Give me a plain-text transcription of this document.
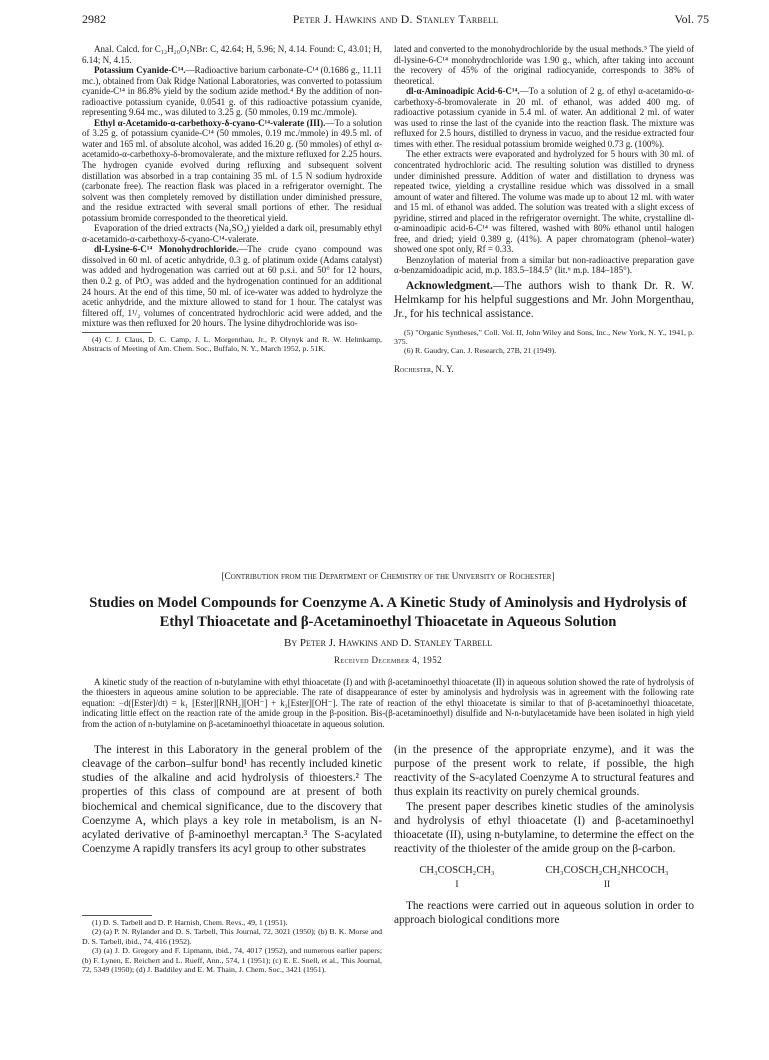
2982	Peter J. Hawkins and D. Stanley Tarbell	Vol. 75

Anal. Calcd. for C₁₂H₂₀O₅NBr: C, 42.64; H, 5.96; N, 4.14. Found: C, 43.01; H, 6.14; N, 4.15.

Potassium Cyanide-C¹⁴.—Radioactive barium carbonate-C¹⁴ (0.1686 g., 11.11 mc.), obtained from Oak Ridge National Laboratories, was converted to potassium cyanide-C¹⁴ in 86.8% yield by the sodium azide method.⁴ By the addition of non-radioactive potassium cyanide, 0.0541 g. of this radioactive potassium cyanide, representing 9.64 mc., was diluted to 3.25 g. (50 mmoles, 0.19 mc./mmole).

Ethyl α-Acetamido-α-carbethoxy-δ-cyano-C¹⁴-valerate (III).—To a solution of 3.25 g. of potassium cyanide-C¹⁴ (50 mmoles, 0.19 mc./mmole) in 49.5 ml. of water and 165 ml. of absolute alcohol, was added 16.20 g. (50 mmoles) of ethyl α-acetamido-α-carbethoxy-δ-bromovalerate, and the mixture refluxed for 2.25 hours. The hydrogen cyanide evolved during refluxing and subsequent solvent distillation was absorbed in a trap containing 35 ml. of 1.5 N sodium hydroxide (carbonate free). The reaction flask was placed in a refrigerator overnight. The solvent was then completely removed by distillation under diminished pressure, and the residue extracted with several small portions of ether. The residual potassium bromide corresponded to the theoretical yield.

Evaporation of the dried extracts (Na₂SO₄) yielded a dark oil, presumably ethyl α-acetamido-α-carbethoxy-δ-cyano-C¹⁴-valerate.

dl-Lysine-6-C¹⁴ Monohydrochloride.—The crude cyano compound was dissolved in 60 ml. of acetic anhydride, 0.3 g. of platinum oxide (Adams catalyst) was added and hydrogenation was carried out at 60 p.s.i. and 50° for 12 hours, then 0.2 g. of PtO₂ was added and the hydrogenation continued for an additional 24 hours. At the end of this time, 50 ml. of ice-water was added to hydrolyze the acetic anhydride, and the mixture allowed to stand for 1 hour. The catalyst was filtered off, 1¹/₂ volumes of concentrated hydrochloric acid were added, and the mixture was then refluxed for 20 hours. The lysine dihydrochloride was iso-

(4) C. J. Claus, D. C. Camp, J. L. Morgenthau, Jr., P. Olynyk and R. W. Helmkamp, Abstracts of Meeting of Am. Chem. Soc., Buffalo, N. Y., March 1952, p. 51K.

lated and converted to the monohydrochloride by the usual methods.⁵ The yield of dl-lysine-6-C¹⁴ monohydrochloride was 1.90 g., which, after taking into account the recovery of 45% of the original radiocyanide, corresponds to 38% of theoretical.

dl-α-Aminoadipic Acid-6-C¹⁴.—To a solution of 2 g. of ethyl α-acetamido-α-carbethoxy-δ-bromovalerate in 20 ml. of ethanol, was added 400 mg. of radioactive potassium cyanide in 5.4 ml. of water. An additional 2 ml. of water was used to rinse the last of the cyanide into the reaction flask. The mixture was refluxed for 2.5 hours, distilled to dryness in vacuo, and the residue extracted four times with ether. The residual potassium bromide weighed 0.73 g. (100%).

The ether extracts were evaporated and hydrolyzed for 5 hours with 30 ml. of concentrated hydrochloric acid. The resulting solution was distilled to dryness under diminished pressure. Addition of water and distillation to dryness was repeated twice, yielding a crystalline residue which was dissolved in a small amount of water and filtered. The volume was made up to about 12 ml. with water and 15 ml. of ethanol was added. The solution was treated with a slight excess of pyridine, stirred and placed in the refrigerator overnight. The white, crystalline dl-α-aminoadipic acid-6-C¹⁴ was filtered, washed with 80% ethanol until halogen free, and dried; yield 0.389 g. (41%). A paper chromatogram (phenol–water) showed one spot only, Rf = 0.33.

Benzoylation of material from a similar but non-radioactive preparation gave α-benzamidoadipic acid, m.p. 183.5–184.5° (lit.⁶ m.p. 184–185°).

Acknowledgment.—The authors wish to thank Dr. R. W. Helmkamp for his helpful suggestions and Mr. John Morgenthau, Jr., for his technical assistance.

(5) "Organic Syntheses," Coll. Vol. II, John Wiley and Sons, Inc., New York, N. Y., 1941, p. 375.

(6) R. Gaudry, Can. J. Research, 27B, 21 (1949).

Rochester, N. Y.

[Contribution from the Department of Chemistry of the University of Rochester]
Studies on Model Compounds for Coenzyme A. A Kinetic Study of Aminolysis and Hydrolysis of Ethyl Thioacetate and β-Acetaminoethyl Thioacetate in Aqueous Solution
By Peter J. Hawkins and D. Stanley Tarbell
Received December 4, 1952
A kinetic study of the reaction of n-butylamine with ethyl thioacetate (I) and with β-acetaminoethyl thioacetate (II) in aqueous solution showed the rate of hydrolysis of the thioesters in aqueous amine solution to be appreciable. The rate of disappearance of ester by aminolysis and hydrolysis was in agreement with the following rate equation: −d([Ester]/dt) = k₁ [Ester][RNH₂][OH⁻] + k₂[Ester][OH⁻]. The rate of reaction of the ethyl thioacetate is similar to that of β-acetaminoethyl thioacetate, indicating little effect on the reaction rate of the amide group in the β-position. Bis-(β-acetaminoethyl) disulfide and N-n-butylacetamide have been isolated in high yield from the action of n-butylamine on β-acetaminoethyl thioacetate in aqueous solution.

The interest in this Laboratory in the general problem of the cleavage of the carbon–sulfur bond¹ has recently included kinetic studies of the alkaline and acid hydrolysis of thioesters.² The properties of this class of compound are at present of both biochemical and chemical significance, due to the discovery that Coenzyme A, which plays a key role in metabolism, is an N-acylated derivative of β-aminoethyl mercaptan.³ The S-acylated Coenzyme A rapidly transfers its acyl group to other substrates

(1) D. S. Tarbell and D. P. Harnish, Chem. Revs., 49, 1 (1951).

(2) (a) P. N. Rylander and D. S. Tarbell, This Journal, 72, 3021 (1950); (b) B. K. Morse and D. S. Tarbell, ibid., 74, 416 (1952).

(3) (a) J. D. Gregory and F. Lipmann, ibid., 74, 4017 (1952), and numerous earlier papers; (b) F. Lynen, E. Reichert and L. Rueff, Ann., 574, 1 (1951); (c) E. E. Snell, et al., This Journal, 72, 5349 (1950); (d) J. Baddiley and E. M. Thain, J. Chem. Soc., 3421 (1951).

(in the presence of the appropriate enzyme), and it was the purpose of the present work to relate, if possible, the high reactivity of the S-acylated Coenzyme A to structural features and thus explain its reactivity on purely chemical grounds.

The present paper describes kinetic studies of the aminolysis and hydrolysis of ethyl thioacetate (I) and β-acetaminoethyl thioacetate (II), using n-butylamine, to determine the effect on the reactivity of the thiolester of the amide group on the β-carbon.

CH₃COSCH₂CH₃
I
CH₃COSCH₂CH₂NHCOCH₃
II

The reactions were carried out in aqueous solution in order to approach biological conditions more
